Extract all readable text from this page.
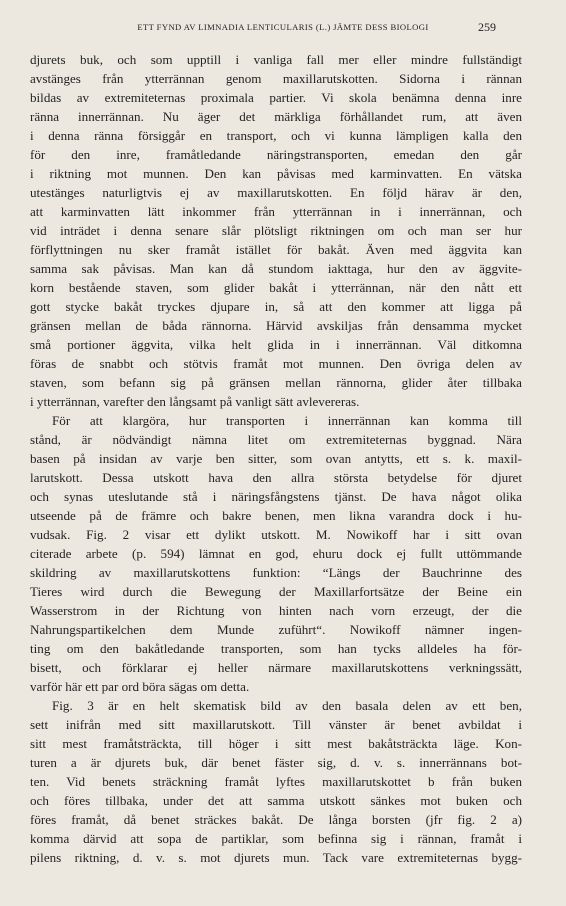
ETT FYND AV LIMNADIA LENTICULARIS (L.) JÄMTE DESS BIOLOGI	259
djurets buk, och som upptill i vanliga fall mer eller mindre fullständigt
avstänges från ytterrännan genom maxillarutskotten. Sidorna i rännan
bildas av extremiteternas proximala partier. Vi skola benämna denna inre
ränna innerrännan. Nu äger det märkliga förhållandet rum, att även
i denna ränna försiggår en transport, och vi kunna lämpligen kalla den
för den inre, framåtledande näringstransporten, emedan den går
i riktning mot munnen. Den kan påvisas med karminvatten. En vätska
utestänges naturligtvis ej av maxillarutskotten. En följd härav är den,
att karminvatten lätt inkommer från ytterrännan in i innerrännan, och
vid inträdet i denna senare slår plötsligt riktningen om och man ser hur
förflyttningen nu sker framåt istället för bakåt. Även med äggvita kan
samma sak påvisas. Man kan då stundom iakttaga, hur den av äggvite-
korn bestående staven, som glider bakåt i ytterrännan, när den nått ett
gott stycke bakåt tryckes djupare in, så att den kommer att ligga på
gränsen mellan de båda rännorna. Härvid avskiljas från densamma mycket
små portioner äggvita, vilka helt glida in i innerrännan. Väl ditkomna
föras de snabbt och stötvis framåt mot munnen. Den övriga delen av
staven, som befann sig på gränsen mellan rännorna, glider åter tillbaka
i ytterrännan, varefter den långsamt på vanligt sätt avlevereras.
För att klargöra, hur transporten i innerrännan kan komma till
stånd, är nödvändigt nämna litet om extremiteternas byggnad. Nära
basen på insidan av varje ben sitter, som ovan antytts, ett s. k. maxil-
larutskott. Dessa utskott hava den allra största betydelse för djuret
och synas uteslutande stå i näringsfångstens tjänst. De hava något olika
utseende på de främre och bakre benen, men likna varandra dock i hu-
vudsak. Fig. 2 visar ett dylikt utskott. M. Nowikoff har i sitt ovan
citerade arbete (p. 594) lämnat en god, ehuru dock ej fullt uttömmande
skildring av maxillarutskottens funktion: “Längs der Bauchrinne des
Tieres wird durch die Bewegung der Maxillarfortsätze der Beine ein
Wasserstrom in der Richtung von hinten nach vorn erzeugt, der die
Nahrungspartikelchen dem Munde zuführt“. Nowikoff nämner ingen-
ting om den bakåtledande transporten, som han tycks alldeles ha för-
bisett, och förklarar ej heller närmare maxillarutskottens verkningssätt,
varför här ett par ord böra sägas om detta.
Fig. 3 är en helt skematisk bild av den basala delen av ett ben,
sett inifrån med sitt maxillarutskott. Till vänster är benet avbildat i
sitt mest framåtsträckta, till höger i sitt mest bakåtsträckta läge. Kon-
turen a är djurets buk, där benet fäster sig, d. v. s. innerrännans bot-
ten. Vid benets sträckning framåt lyftes maxillarutskottet b från buken
och föres tillbaka, under det att samma utskott sänkes mot buken och
föres framåt, då benet sträckes bakåt. De långa borsten (jfr fig. 2 a)
komma därvid att sopa de partiklar, som befinna sig i rännan, framåt i
pilens riktning, d. v. s. mot djurets mun. Tack vare extremiteternas bygg-
